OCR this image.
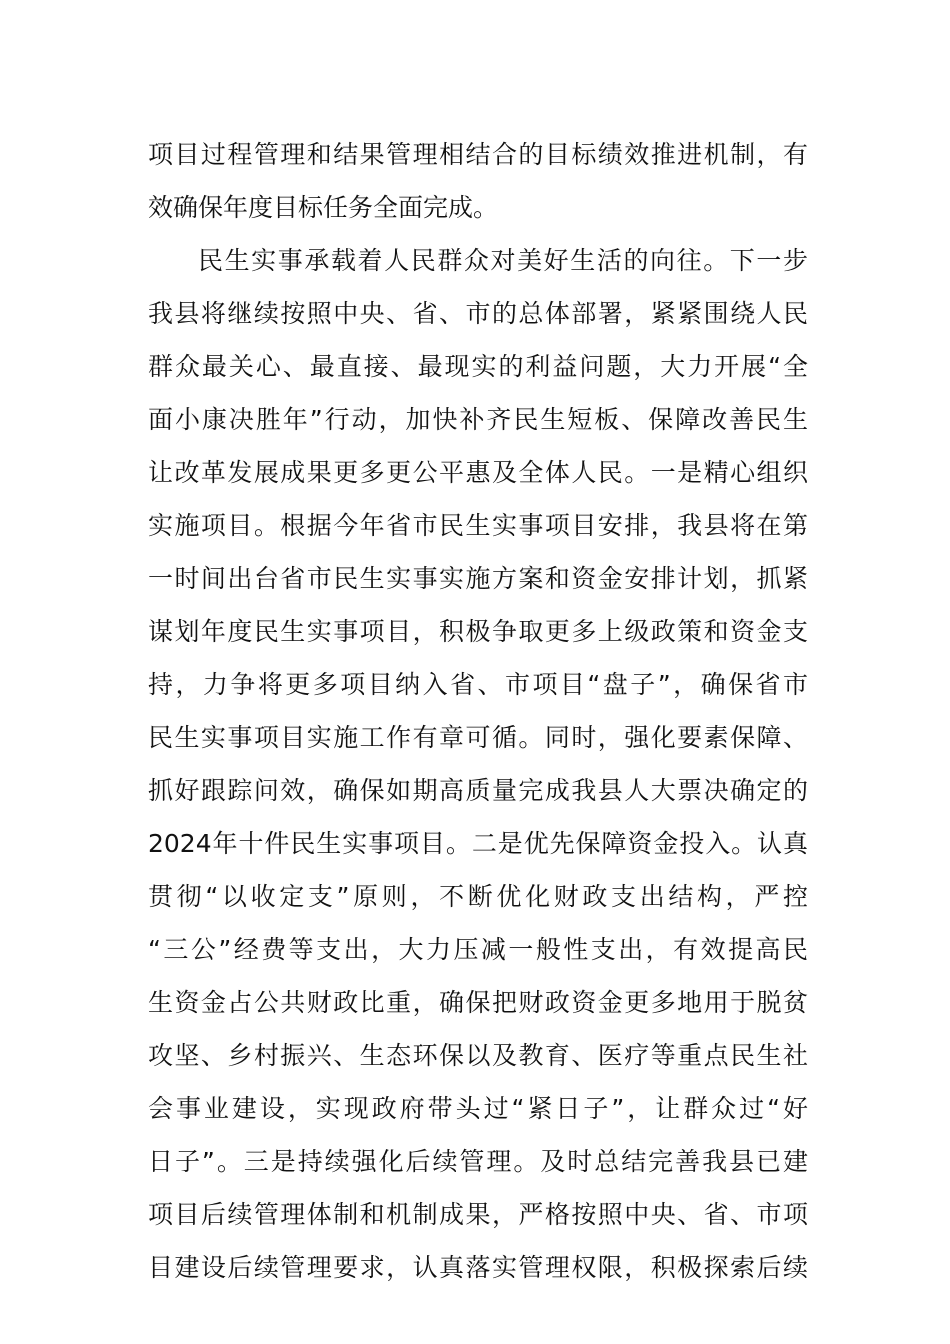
项目过程管理和结果管理相结合的目标绩效推进机制，有
效确保年度目标任务全面完成。
民生实事承载着人民群众对美好生活的向往。下一步
我县将继续按照中央、省、市的总体部署，紧紧围绕人民
群众最关心、最直接、最现实的利益问题，大力开展“全
面小康决胜年”行动，加快补齐民生短板、保障改善民生
让改革发展成果更多更公平惠及全体人民。一是精心组织
实施项目。根据今年省市民生实事项目安排，我县将在第
一时间出台省市民生实事实施方案和资金安排计划，抓紧
谋划年度民生实事项目，积极争取更多上级政策和资金支
持，力争将更多项目纳入省、市项目“盘子”，确保省市
民生实事项目实施工作有章可循。同时，强化要素保障、
抓好跟踪问效，确保如期高质量完成我县人大票决确定的
2024年十件民生实事项目。二是优先保障资金投入。认真
贯彻“以收定支”原则，不断优化财政支出结构，严控
“三公”经费等支出，大力压减一般性支出，有效提高民
生资金占公共财政比重，确保把财政资金更多地用于脱贫
攻坚、乡村振兴、生态环保以及教育、医疗等重点民生社
会事业建设，实现政府带头过“紧日子”，让群众过“好
日子”。三是持续强化后续管理。及时总结完善我县已建
项目后续管理体制和机制成果，严格按照中央、省、市项
目建设后续管理要求，认真落实管理权限，积极探索后续
